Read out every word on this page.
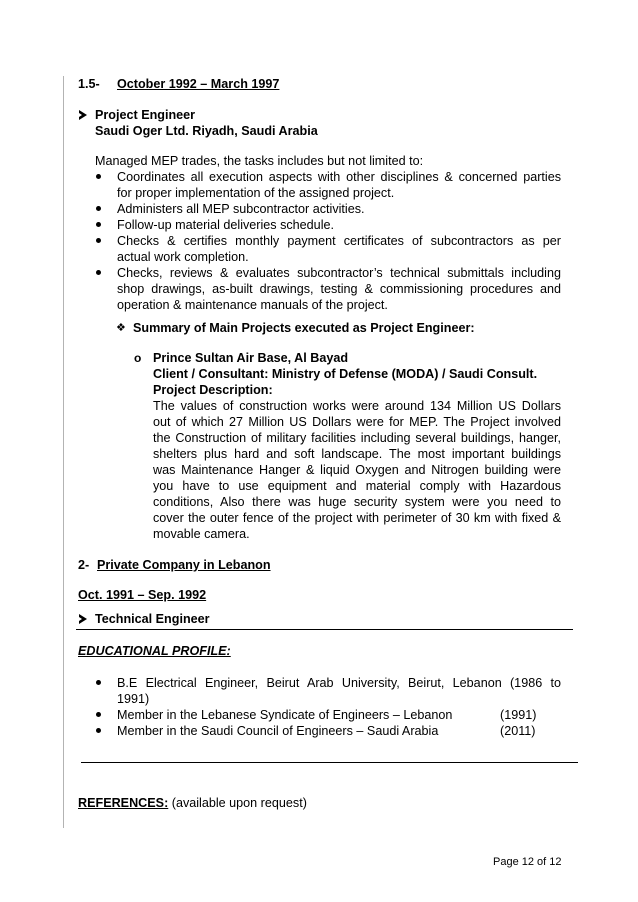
1.5- October 1992 – March 1997
Project Engineer
Saudi Oger Ltd. Riyadh, Saudi Arabia
Managed MEP trades, the tasks includes but not limited to:
Coordinates all execution aspects with other disciplines & concerned parties
for proper implementation of the assigned project.
Administers all MEP subcontractor activities.
Follow-up material deliveries schedule.
Checks & certifies monthly payment certificates of subcontractors as per
actual work completion.
Checks, reviews & evaluates subcontractor’s technical submittals including
shop drawings, as-built drawings, testing & commissioning procedures and
operation & maintenance manuals of the project.
❖ Summary of Main Projects executed as Project Engineer:
o Prince Sultan Air Base, Al Bayad
Client / Consultant: Ministry of Defense (MODA) / Saudi Consult.
Project Description:
The values of construction works were around 134 Million US Dollars
out of which 27 Million US Dollars were for MEP. The Project involved
the Construction of military facilities including several buildings, hanger,
shelters plus hard and soft landscape. The most important buildings
was Maintenance Hanger & liquid Oxygen and Nitrogen building were
you have to use equipment and material comply with Hazardous
conditions, Also there was huge security system were you need to
cover the outer fence of the project with perimeter of 30 km with fixed &
movable camera.
2- Private Company in Lebanon
Oct. 1991 – Sep. 1992
Technical Engineer
EDUCATIONAL PROFILE:
B.E Electrical Engineer, Beirut Arab University, Beirut, Lebanon (1986 to
1991)
Member in the Lebanese Syndicate of Engineers – Lebanon	(1991)
Member in the Saudi Council of Engineers – Saudi Arabia	(2011)
REFERENCES: (available upon request)
Page 12 of 12
